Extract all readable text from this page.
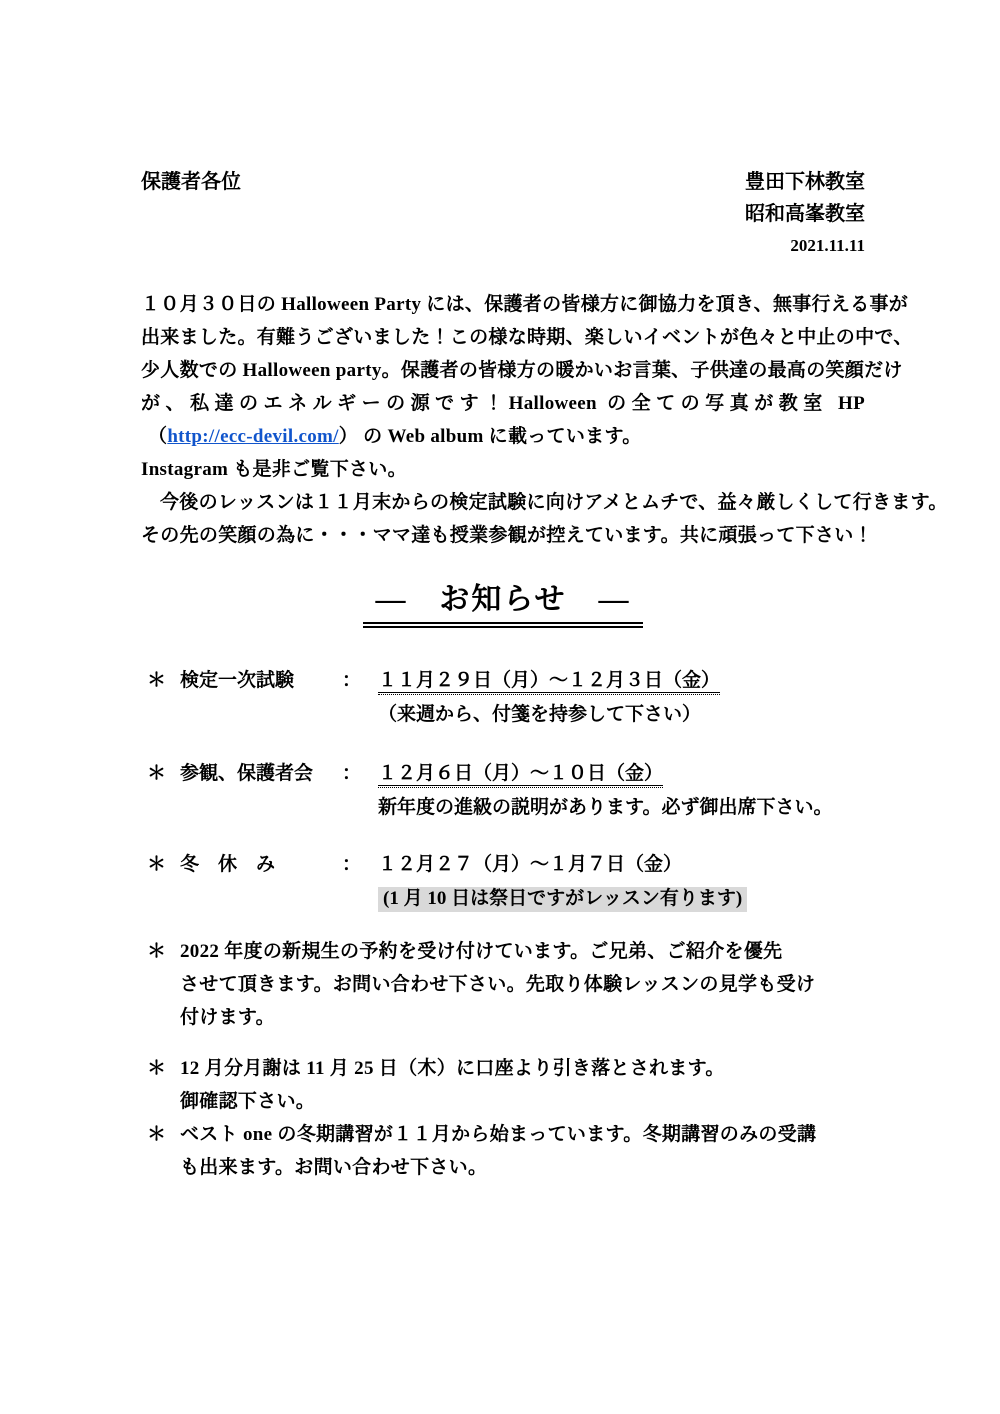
保護者各位	豊田下林教室
昭和高峯教室
2021.11.11
１０月３０日の Halloween Party には、保護者の皆様方に御協力を頂き、無事行える事が
出来ました。有難うございました！この様な時期、楽しいイベントが色々と中止の中で、
少人数での Halloween party。保護者の皆様方の暖かいお言葉、子供達の最高の笑顔だけ
が、私達のエネルギーの源です！Halloween の全ての写真が教室 HP
（http://ecc-devil.com/） の Web album に載っています。
Instagram も是非ご覧下さい。
今後のレッスンは１１月末からの検定試験に向けアメとムチで、益々厳しくして行きます。
その先の笑顔の為に・・・ママ達も授業参観が控えています。共に頑張って下さい！
―　お知らせ　―
＊ 検定一次試験	： １１月２９日（月）～１２月３日（金）
（来週から、付箋を持参して下さい）
＊ 参観、保護者会	： １２月６日（月）～１０日（金）
新年度の進級の説明があります。必ず御出席下さい。
＊ 冬　休　み	： １２月２７（月）～１月７日（金）
(1 月 10 日は祭日ですがレッスン有ります)
＊ 2022 年度の新規生の予約を受け付けています。ご兄弟、ご紹介を優先
させて頂きます。お問い合わせ下さい。先取り体験レッスンの見学も受け
付けます。
＊ 12 月分月謝は 11 月 25 日（木）に口座より引き落とされます。
御確認下さい。
＊ ベスト one の冬期講習が１１月から始まっています。冬期講習のみの受講
も出来ます。お問い合わせ下さい。
